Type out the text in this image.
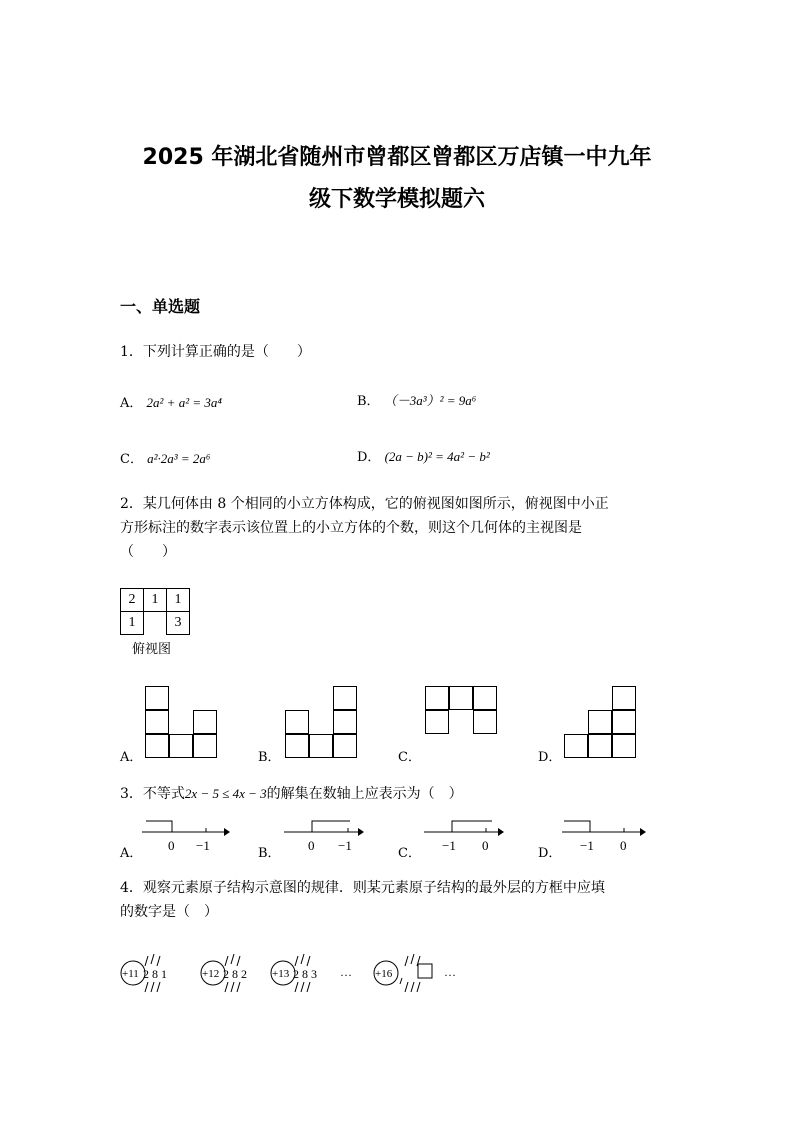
2025 年湖北省随州市曾都区曾都区万店镇一中九年
级下数学模拟题六
一、单选题
1．下列计算正确的是（　　）
A． 2a² + a² = 3a⁴	B． （－3a³）² = 9a⁶
C． a²·2a³ = 2a⁶	D． (2a − b)² = 4a² − b²
2．某几何体由 8 个相同的小立方体构成，它的俯视图如图所示，俯视图中小正
方形标注的数字表示该位置上的小立方体的个数，则这个几何体的主视图是
（　　）
2	1	1
1		3
俯视图
A．	B．	C．	D．
3．不等式2x − 5 ≤ 4x − 3的解集在数轴上应表示为（　）
A．
0 −1
B．
0 −1
C．
−1 0
D．
−1 0
4．观察元素原子结构示意图的规律．则某元素原子结构的最外层的方框中应填
的数字是（　）
+11 2 8 1	+12 2 8 2 +13 2 8 3 … +16	…
